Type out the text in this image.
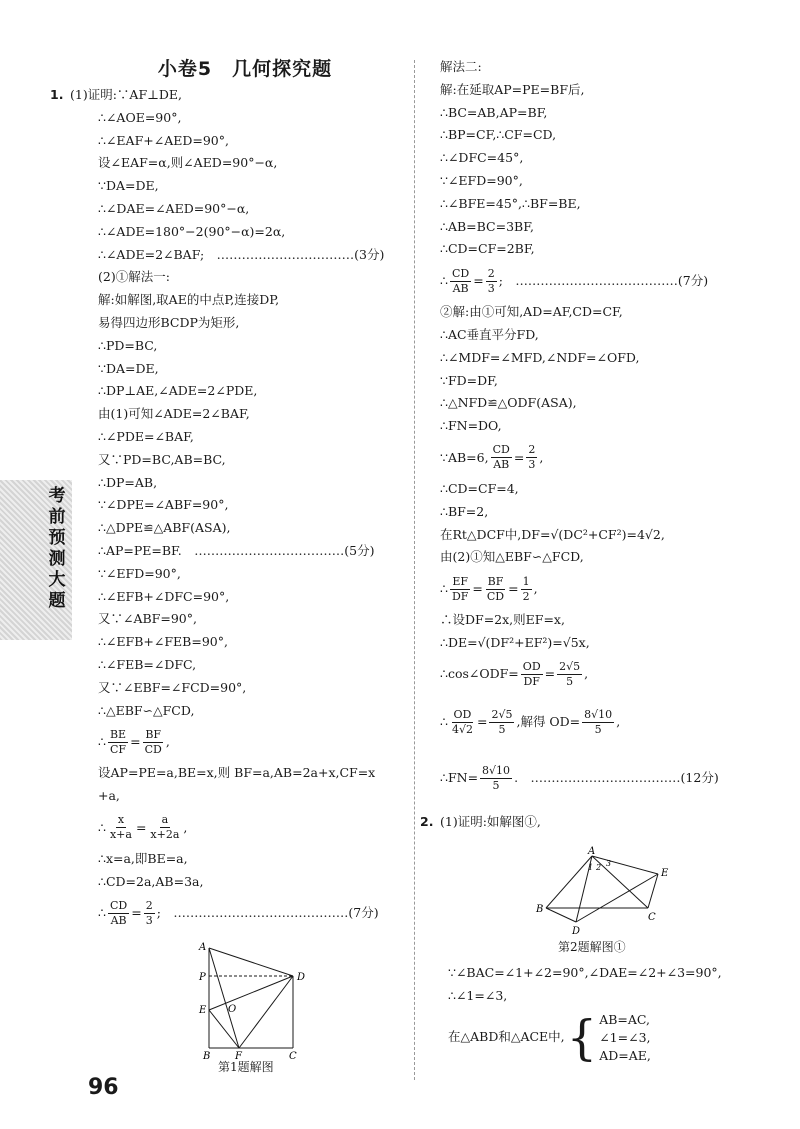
小卷5　几何探究题
考前预测大题
1. (1)证明:∵AF⊥DE,
∴∠AOE=90°,
∴∠EAF+∠AED=90°,
设∠EAF=α,则∠AED=90°−α,
∵DA=DE,
∴∠DAE=∠AED=90°−α,
∴∠ADE=180°−2(90°−α)=2α,
∴∠ADE=2∠BAF;　……………………………(3分)
(2)①解法一:
解:如解图,取AE的中点P,连接DP,
易得四边形BCDP为矩形,
∴PD=BC,
∵DA=DE,
∴DP⊥AE,∠ADE=2∠PDE,
由(1)可知∠ADE=2∠BAF,
∴∠PDE=∠BAF,
又∵PD=BC,AB=BC,
∴DP=AB,
∵∠DPE=∠ABF=90°,
∴△DPE≌△ABF(ASA),
∴AP=PE=BF.　………………………………(5分)
∵∠EFD=90°,
∴∠EFB+∠DFC=90°,
又∵∠ABF=90°,
∴∠EFB+∠FEB=90°,
∴∠FEB=∠DFC,
又∵∠EBF=∠FCD=90°,
∴△EBF∽△FCD,
∴ $\frac{BE}{CF} = \frac{BF}{CD}$ ,
设AP=PE=a,BE=x,则 BF=a,AB=2a+x,CF=x
+a,
∴ $\frac{x}{x+a} = \frac{a}{x+2a}$ ,
∴x=a,即BE=a,
∴CD=2a,AB=3a,
∴ $\frac{CD}{AB} = \frac{2}{3}$ ;　……………………………………(7分)
A
P
E O
D
B F	C
第1题解图
解法二:
解:在延取AP=PE=BF后,
∴BC=AB,AP=BF,
∴BP=CF,∴CF=CD,
∴∠DFC=45°,
∵∠EFD=90°,
∴∠BFE=45°,∴BF=BE,
∴AB=BC=3BF,
∴CD=CF=2BF,
∴ $\frac{CD}{AB} = \frac{2}{3}$ ;　…………………………………(7分)
②解:由①可知,AD=AF,CD=CF,
∴AC垂直平分FD,
∴∠MDF=∠MFD,∠NDF=∠OFD,
∵FD=DF,
∴△NFD≌△ODF(ASA),
∴FN=DO,
∵AB=6, $\frac{CD}{AB} = \frac{2}{3}$ ,
∴CD=CF=4,
∴BF=2,
在Rt△DCF中,DF=√(DC²+CF²)=4√2,
由(2)①知△EBF∽△FCD,
∴ $\frac{EF}{DF} = \frac{BF}{CD} = \frac{1}{2}$ ,
∴设DF=2x,则EF=x,
∴DE=√(DF²+EF²)=√5x,
∴cos∠ODF= $\frac{OD}{DF} = \frac{2√5}{5}$ ,
∴ $\frac{OD}{4√2} = \frac{2√5}{5}$ ,解得 $OD= \frac{8√10}{5}$ ,
∴FN= $\frac{8√10}{5}$ .　………………………………(12分)
2. (1)证明:如解图①,
A
1 2 3
B
D
C
E
第2题解图①
∵∠BAC=∠1+∠2=90°,∠DAE=∠2+∠3=90°,
∴∠1=∠3,
在△ABD和△ACE中, { AB=AC,
∠1=∠3,
AD=AE,
96
